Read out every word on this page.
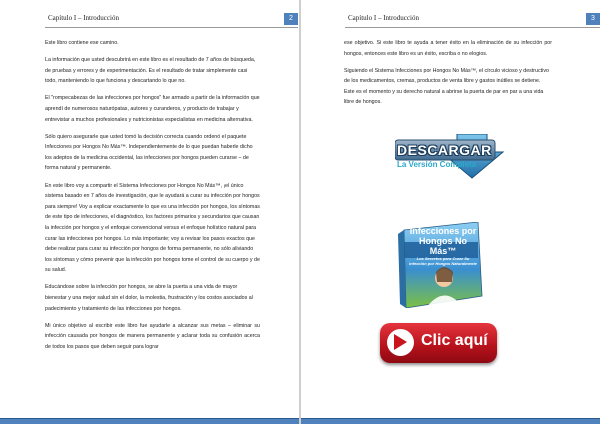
Capítulo I – Introducción	2

Este libro contiene ese camino.

La información que usted descubrirá en este libro es el resultado de 7 años de búsqueda, de pruebas y errores y de experimentación. Es el resultado de tratar simplemente casi todo, manteniendo lo que funciona y descartando lo que no.

El "rompecabezas de las infecciones por hongos" fue armado a partir de la información que aprendí de numerosos naturópatas, autores y curanderos, y producto de trabajar y entrevistar a muchos profesionales y nutricionistas especialistas en medicina alternativa.

Sólo quiero asegurarle que usted tomó la decisión correcta cuando ordenó el paquete Infecciones por Hongos No Más™. Independientemente de lo que puedan haberle dicho los adeptos de la medicina occidental, las infecciones por hongos pueden curarse – de forma natural y permanente.

En este libro voy a compartir el Sistema Infecciones por Hongos No Más™, ¡el único sistema basado en 7 años de investigación, que le ayudará a curar su infección por hongos para siempre! Voy a explicar exactamente lo que es una infección por hongos, los síntomas de este tipo de infecciones, el diagnóstico, los factores primarios y secundarios que causan la infección por hongos y el enfoque convencional versus el enfoque holístico natural para curar las infecciones por hongos. Lo más importante; voy a revisar los pasos exactos que debe realizar para curar su infección por hongos de forma permanente, no sólo aliviando los síntomas y cómo prevenir que la infección por hongos tome el control de su cuerpo y de su salud.

Educándose sobre la infección por hongos, se abre la puerta a una vida de mayor bienestar y una mejor salud sin el dolor, la molestia, frustración y los costos asociados al padecimiento y tratamiento de las infecciones por hongos.

Mi único objetivo al escribir este libro fue ayudarle a alcanzar sus metas – eliminar su infección causada por hongos de manera permanente y aclarar toda su confusión acerca de todos los pasos que deben seguir para lograr

Capítulo I – Introducción	3

ese objetivo. Si este libro te ayuda a tener éxito en la eliminación de su infección por hongos, entonces este libro es un éxito, escriba o no elogios.

Siguiendo el Sistema Infecciones por Hongos No Más™, el círculo vicioso y destructivo de los medicamentos, cremas, productos de venta libre y gastos inútiles se detiene. Este es el momento y su derecho natural a abrirse la puerta de par en par a una vida libre de hongos.

DESCARGAR
La Versión Completa
Infecciones por Hongos No Más™
Los Secretos para Curar Su Infección por Hongos Naturalmente
Clic aquí
